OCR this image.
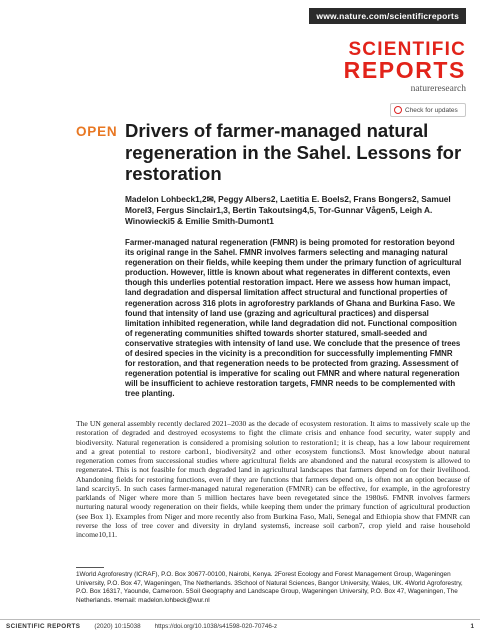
www.nature.com/scientificreports
SCIENTIFIC
REPORTS
natureresearch
Check for updates
OPEN Drivers of farmer-managed natural regeneration in the Sahel. Lessons for restoration
Madelon Lohbeck1,2✉, Peggy Albers2, Laetitia E. Boels2, Frans Bongers2, Samuel Morel3, Fergus Sinclair1,3, Bertin Takoutsing4,5, Tor-Gunnar Vågen5, Leigh A. Winowiecki5 & Emilie Smith-Dumont1

Farmer-managed natural regeneration (FMNR) is being promoted for restoration beyond its original range in the Sahel. FMNR involves farmers selecting and managing natural regeneration on their fields, while keeping them under the primary function of agricultural production. However, little is known about what regenerates in different contexts, even though this underlies potential restoration impact. Here we assess how human impact, land degradation and dispersal limitation affect structural and functional properties of regeneration across 316 plots in agroforestry parklands of Ghana and Burkina Faso. We found that intensity of land use (grazing and agricultural practices) and dispersal limitation inhibited regeneration, while land degradation did not. Functional composition of regenerating communities shifted towards shorter statured, small-seeded and conservative strategies with intensity of land use. We conclude that the presence of trees of desired species in the vicinity is a precondition for successfully implementing FMNR for restoration, and that regeneration needs to be protected from grazing. Assessment of regeneration potential is imperative for scaling out FMNR and where natural regeneration will be insufficient to achieve restoration targets, FMNR needs to be complemented with tree planting.

The UN general assembly recently declared 2021–2030 as the decade of ecosystem restoration. It aims to massively scale up the restoration of degraded and destroyed ecosystems to fight the climate crisis and enhance food security, water supply and biodiversity. Natural regeneration is considered a promising solution to restoration1; it is cheap, has a low labour requirement and a great potential to restore carbon1, biodiversity2 and other ecosystem functions3. Most knowledge about natural regeneration comes from successional studies where agricultural fields are abandoned and the natural ecosystem is allowed to regenerate4. This is not feasible for much degraded land in agricultural landscapes that farmers depend on for their livelihood. Abandoning fields for restoring functions, even if they are functions that farmers depend on, is often not an option because of land scarcity5. In such cases farmer-managed natural regeneration (FMNR) can be effective, for example, in the agroforestry parklands of Niger where more than 5 million hectares have been revegetated since the 1980s6. FMNR involves farmers nurturing natural woody regeneration on their fields, while keeping them under the primary function of agricultural production (see Box 1). Examples from Niger and more recently also from Burkina Faso, Mali, Senegal and Ethiopia show that FMNR can reverse the loss of tree cover and diversity in dryland systems6, increase soil carbon7, crop yield and raise household income10,11.

1World Agroforestry (ICRAF), P.O. Box 30677-00100, Nairobi, Kenya. 2Forest Ecology and Forest Management Group, Wageningen University, P.O. Box 47, Wageningen, The Netherlands. 3School of Natural Sciences, Bangor University, Wales, UK. 4World Agroforestry, P.O. Box 16317, Yaounde, Cameroon. 5Soil Geography and Landscape Group, Wageningen University, P.O. Box 47, Wageningen, The Netherlands. ✉email: madelon.lohbeck@wur.nl

SCIENTIFIC REPORTS (2020) 10:15038 https://doi.org/10.1038/s41598-020-70746-z	1
